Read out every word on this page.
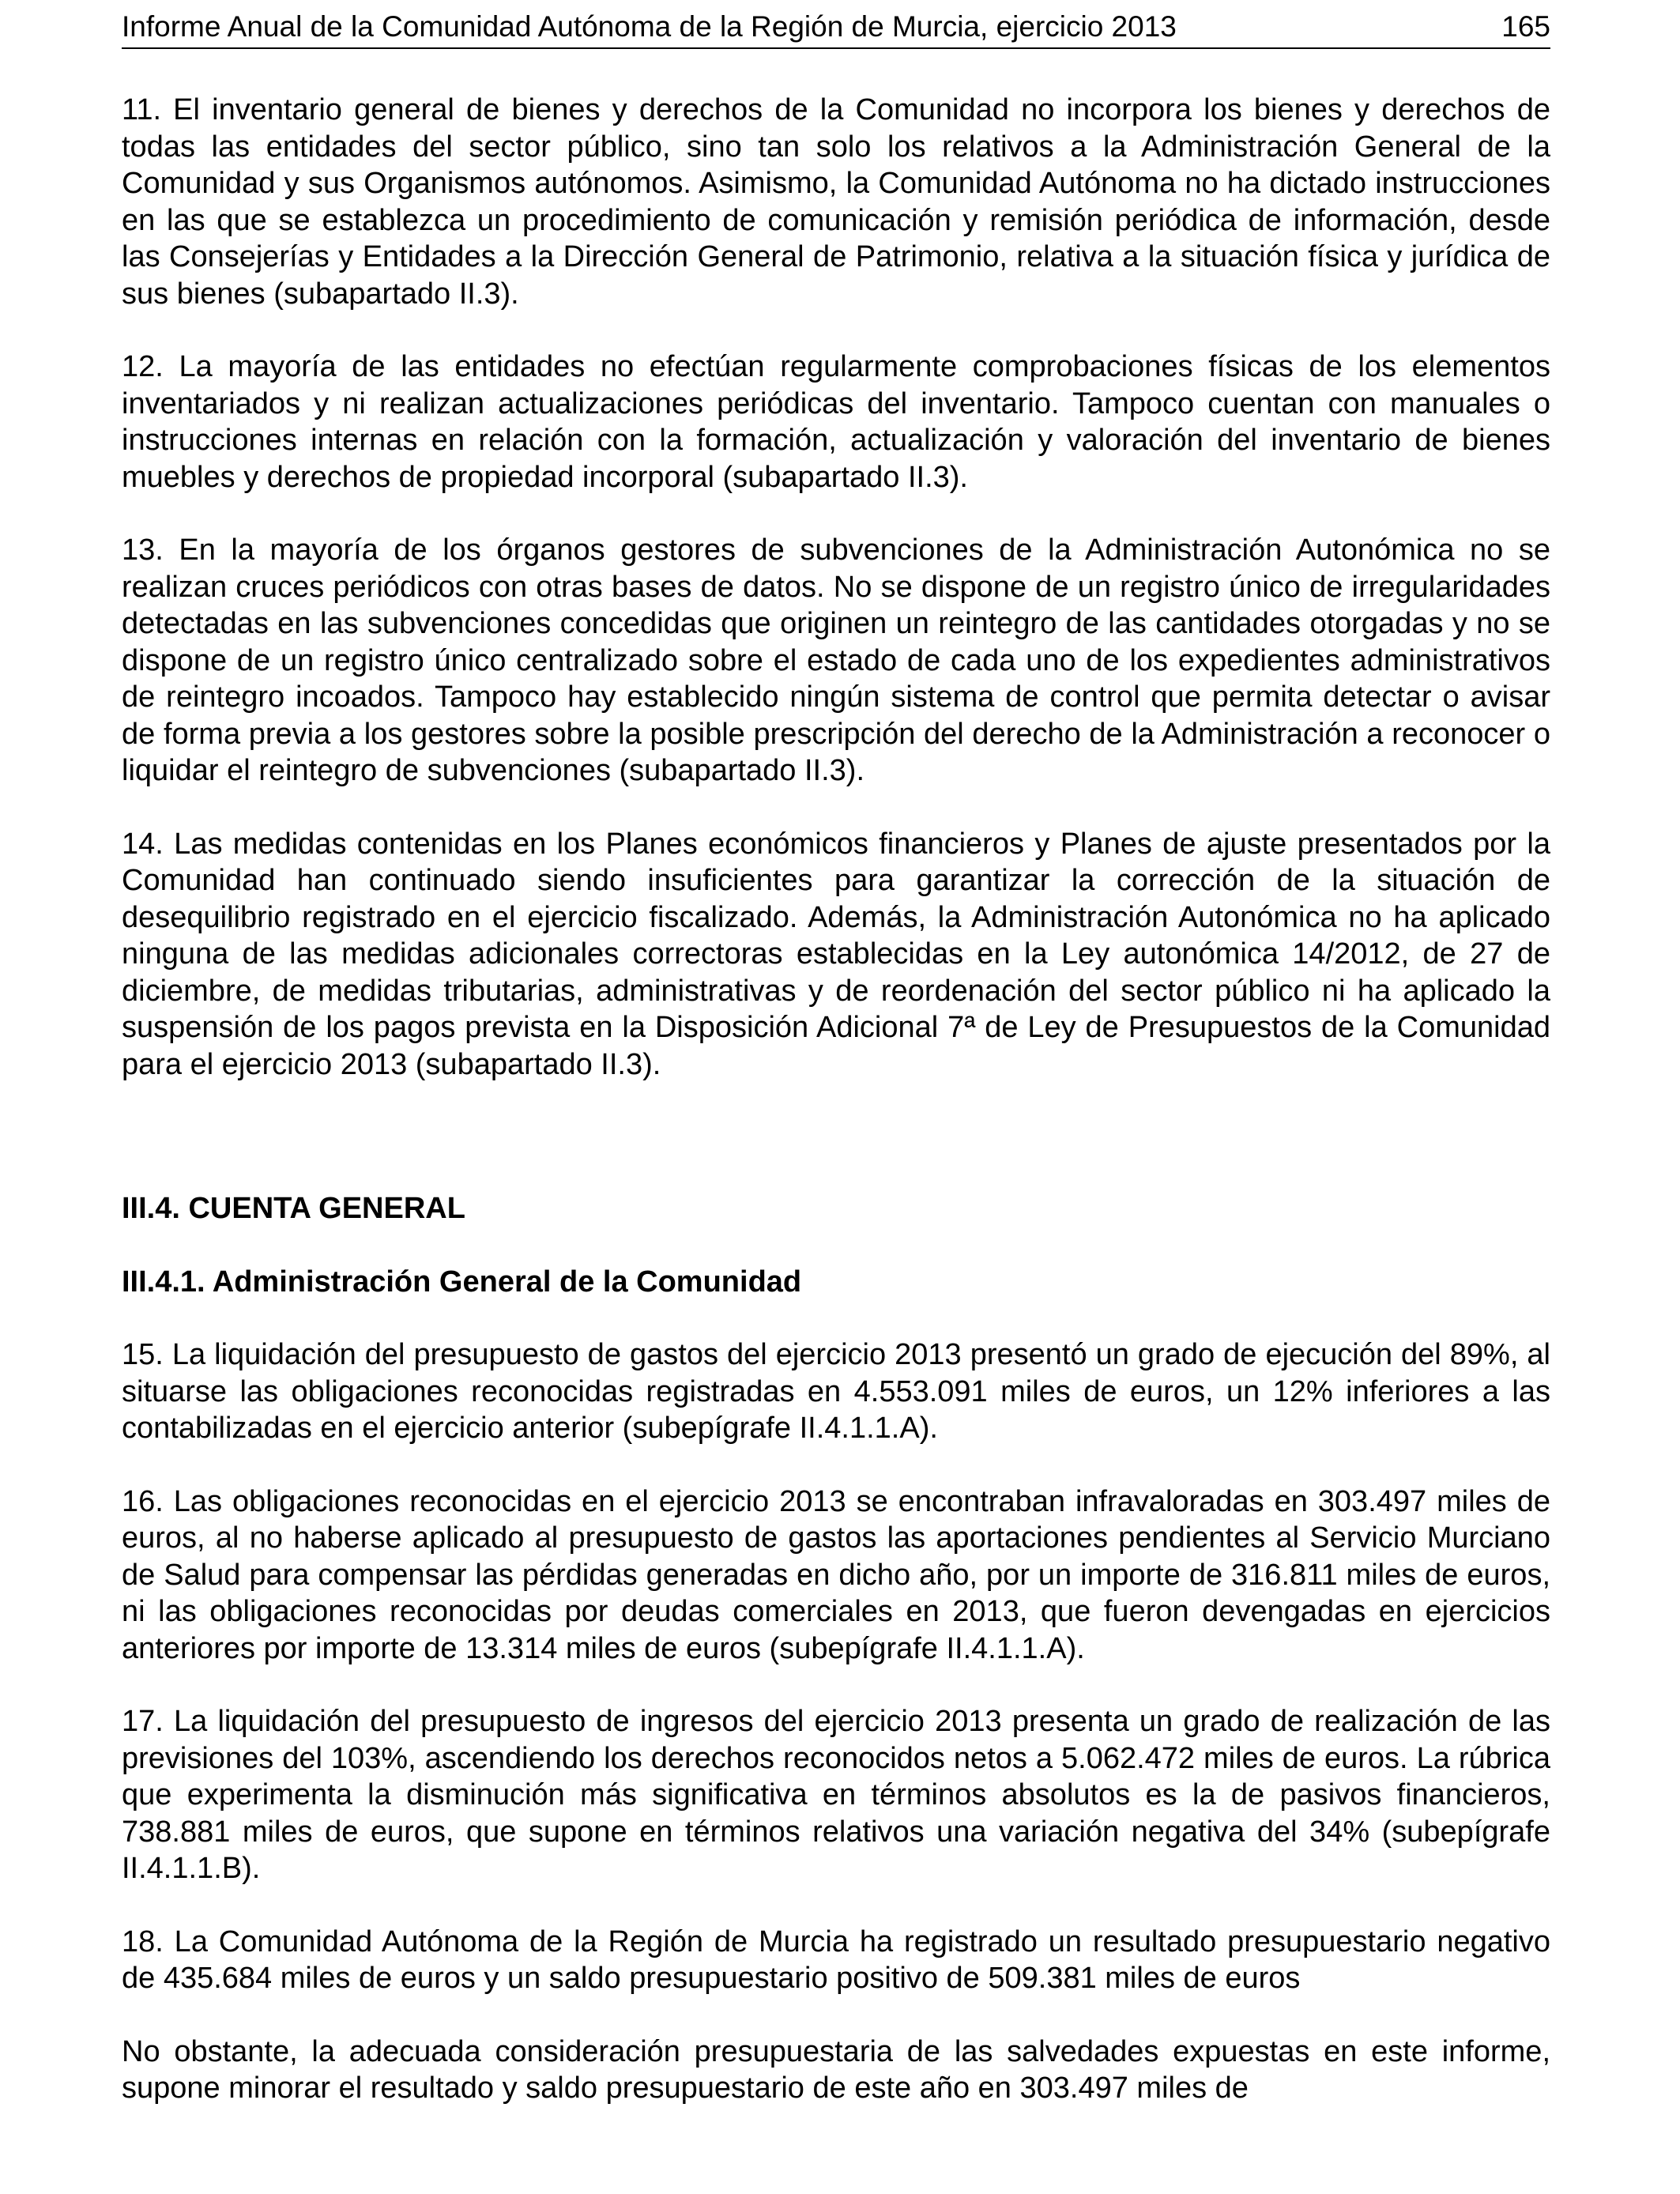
Informe Anual de la Comunidad Autónoma de la Región de Murcia, ejercicio 2013	165

11. El inventario general de bienes y derechos de la Comunidad no incorpora los bienes y derechos de todas las entidades del sector público, sino tan solo los relativos a la Administración General de la Comunidad y sus Organismos autónomos. Asimismo, la Comunidad Autónoma no ha dictado instrucciones en las que se establezca un procedimiento de comunicación y remisión periódica de información, desde las Consejerías y Entidades a la Dirección General de Patrimonio, relativa a la situación física y jurídica de sus bienes (subapartado II.3).

12. La mayoría de las entidades no efectúan regularmente comprobaciones físicas de los elementos inventariados y ni realizan actualizaciones periódicas del inventario. Tampoco cuentan con manuales o instrucciones internas en relación con la formación, actualización y valoración del inventario de bienes muebles y derechos de propiedad incorporal (subapartado II.3).

13. En la mayoría de los órganos gestores de subvenciones de la Administración Autonómica no se realizan cruces periódicos con otras bases de datos. No se dispone de un registro único de irregularidades detectadas en las subvenciones concedidas que originen un reintegro de las cantidades otorgadas y no se dispone de un registro único centralizado sobre el estado de cada uno de los expedientes administrativos de reintegro incoados. Tampoco hay establecido ningún sistema de control que permita detectar o avisar de forma previa a los gestores sobre la posible prescripción del derecho de la Administración a reconocer o liquidar el reintegro de subvenciones (subapartado II.3).

14. Las medidas contenidas en los Planes económicos financieros y Planes de ajuste presentados por la Comunidad han continuado siendo insuficientes para garantizar la corrección de la situación de desequilibrio registrado en el ejercicio fiscalizado. Además, la Administración Autonómica no ha aplicado ninguna de las medidas adicionales correctoras establecidas en la Ley autonómica 14/2012, de 27 de diciembre, de medidas tributarias, administrativas y de reordenación del sector público ni ha aplicado la suspensión de los pagos prevista en la Disposición Adicional 7ª de Ley de Presupuestos de la Comunidad para el ejercicio 2013 (subapartado II.3).

III.4. CUENTA GENERAL

III.4.1. Administración General de la Comunidad

15. La liquidación del presupuesto de gastos del ejercicio 2013 presentó un grado de ejecución del 89%, al situarse las obligaciones reconocidas registradas en 4.553.091 miles de euros, un 12% inferiores a las contabilizadas en el ejercicio anterior (subepígrafe II.4.1.1.A).

16. Las obligaciones reconocidas en el ejercicio 2013 se encontraban infravaloradas en 303.497 miles de euros, al no haberse aplicado al presupuesto de gastos las aportaciones pendientes al Servicio Murciano de Salud para compensar las pérdidas generadas en dicho año, por un importe de 316.811 miles de euros, ni las obligaciones reconocidas por deudas comerciales en 2013, que fueron devengadas en ejercicios anteriores por importe de 13.314 miles de euros (subepígrafe II.4.1.1.A).

17. La liquidación del presupuesto de ingresos del ejercicio 2013 presenta un grado de realización de las previsiones del 103%, ascendiendo los derechos reconocidos netos a 5.062.472 miles de euros. La rúbrica que experimenta la disminución más significativa en términos absolutos es la de pasivos financieros, 738.881 miles de euros, que supone en términos relativos una variación negativa del 34% (subepígrafe II.4.1.1.B).

18. La Comunidad Autónoma de la Región de Murcia ha registrado un resultado presupuestario negativo de 435.684 miles de euros y un saldo presupuestario positivo de 509.381 miles de euros

No obstante, la adecuada consideración presupuestaria de las salvedades expuestas en este informe, supone minorar el resultado y saldo presupuestario de este año en 303.497 miles de
